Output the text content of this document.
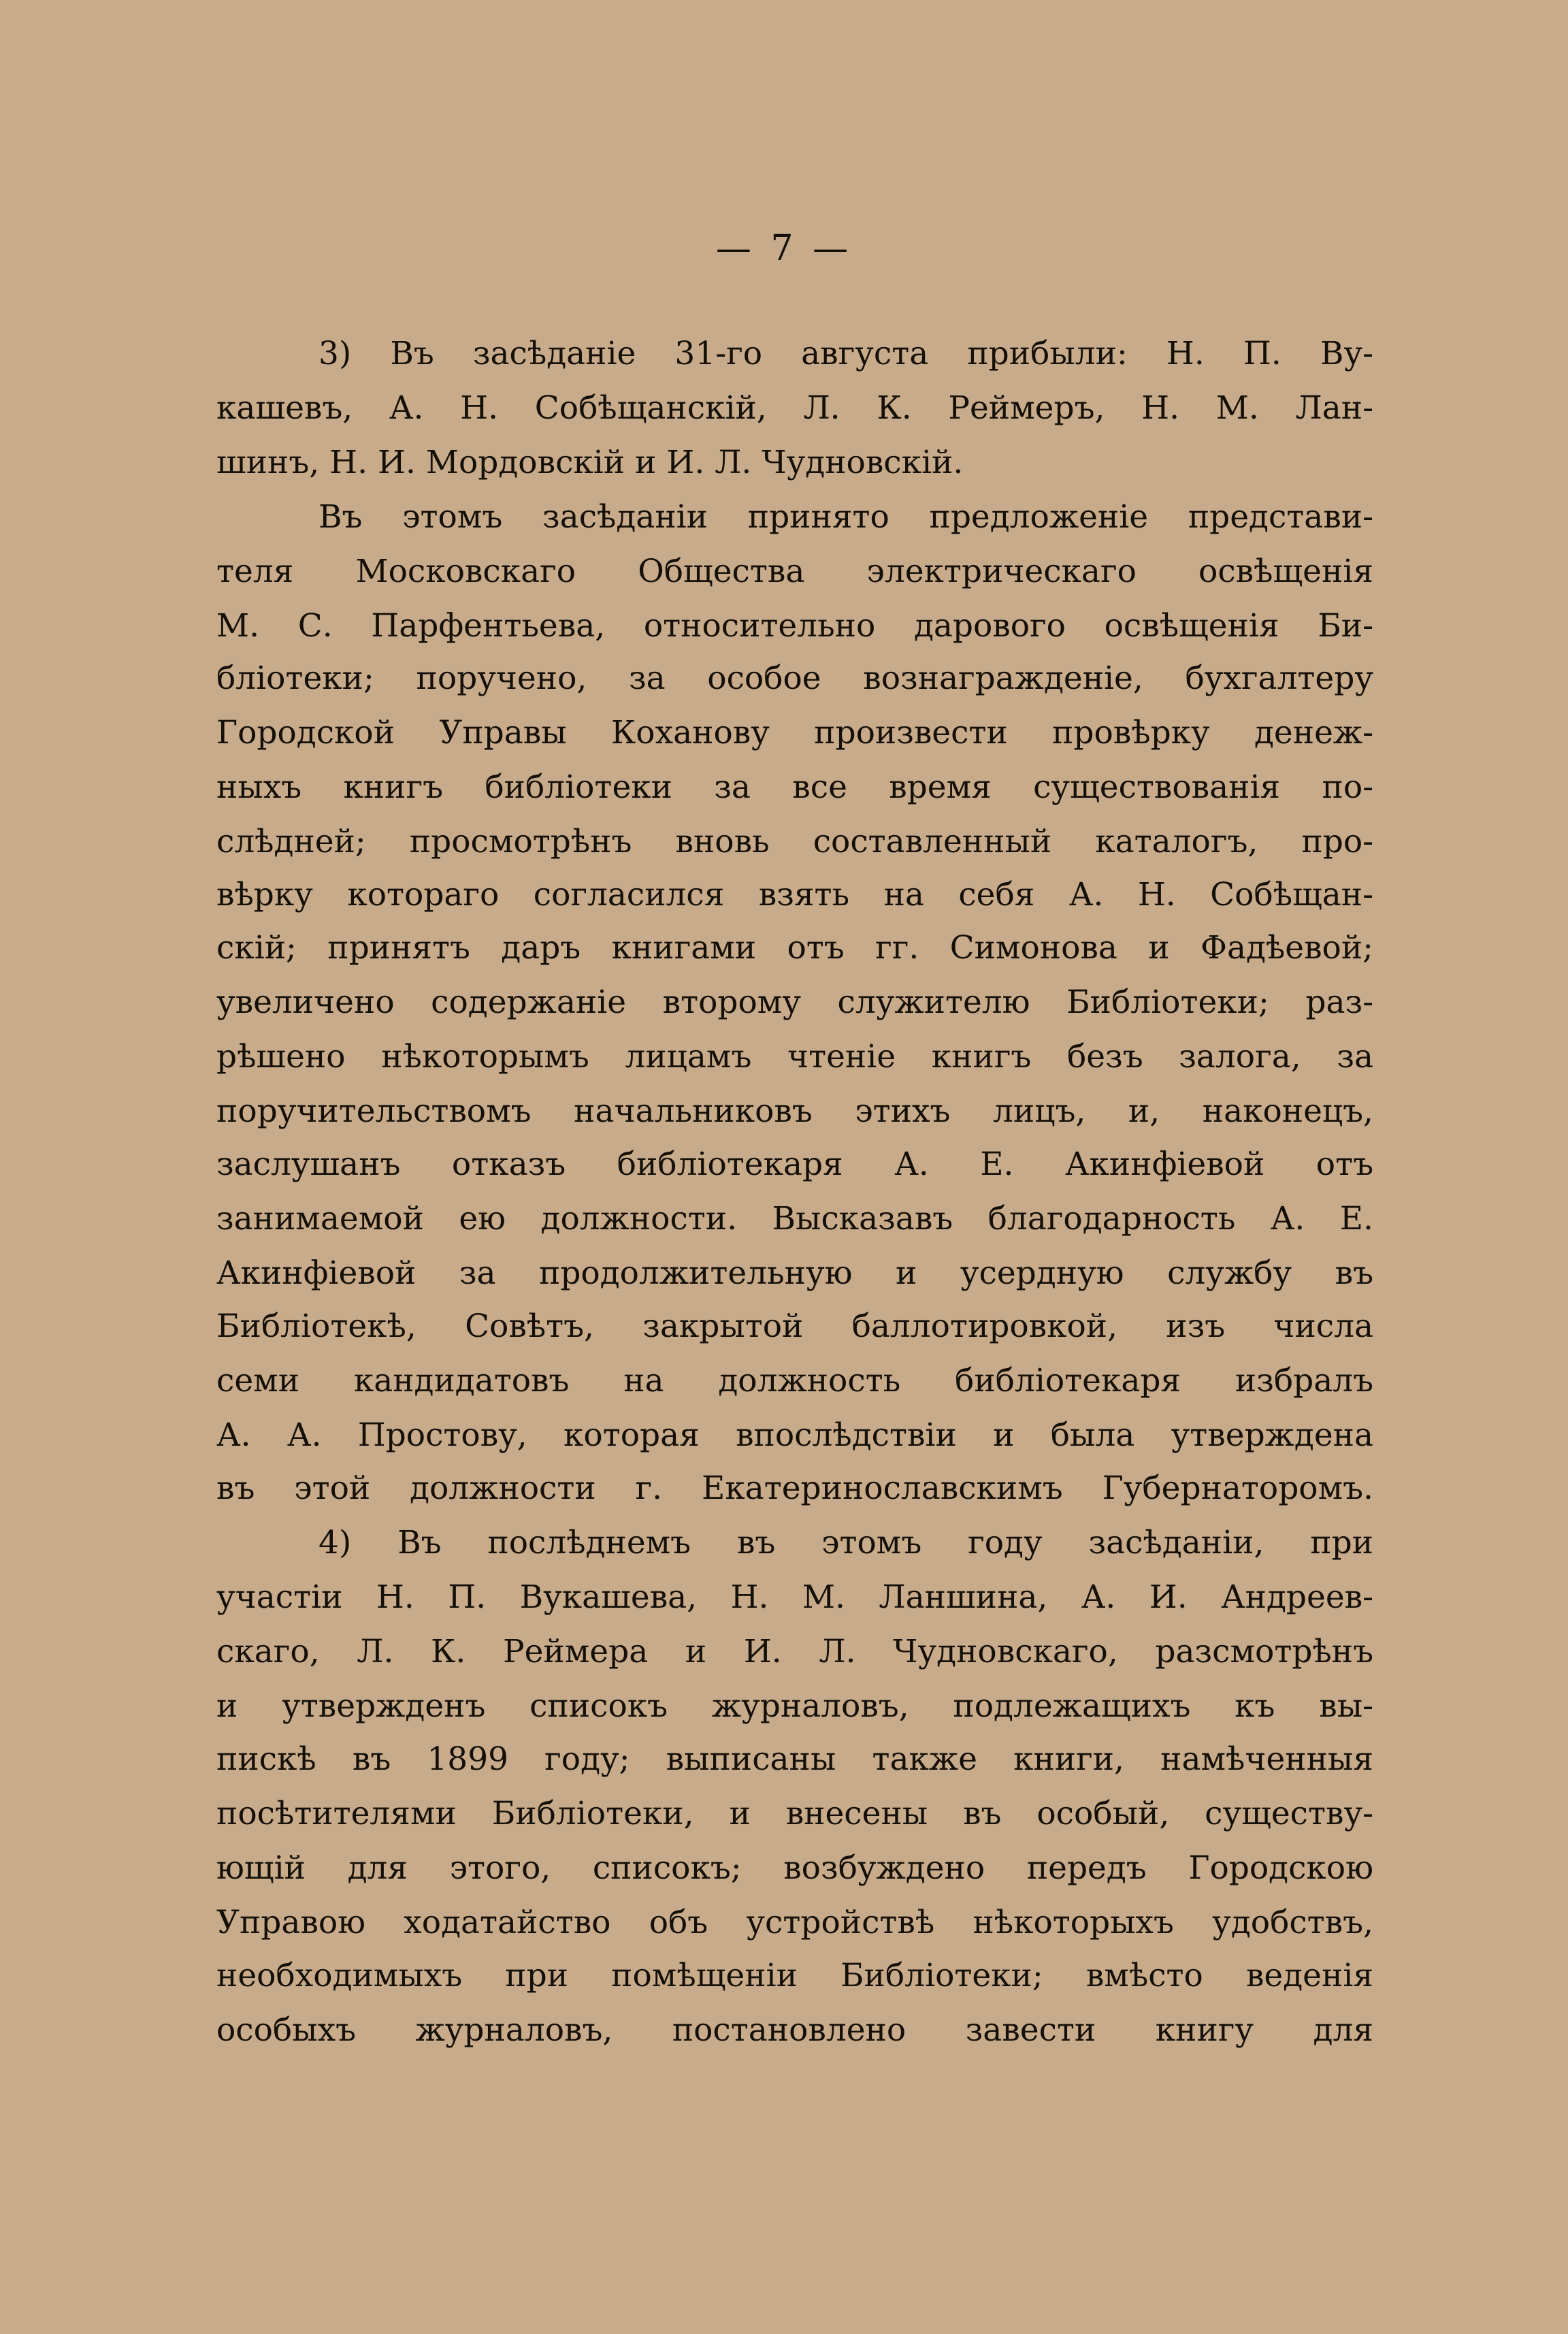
— 7 —
3) Въ засѣданіе 31-го августа прибыли: Н. П. Ву-
кашевъ, А. Н. Собѣщанскій, Л. К. Реймеръ, Н. М. Лан-
шинъ, Н. И. Мордовскій и И. Л. Чудновскій.
Въ этомъ засѣданіи принято предложеніе представи-
теля Московскаго Общества электрическаго освѣщенія
М. С. Парфентьева, относительно дарового освѣщенія Би-
бліотеки; поручено, за особое вознагражденіе, бухгалтеру
Городской Управы Коханову произвести провѣрку денеж-
ныхъ книгъ библіотеки за все время существованія по-
слѣдней; просмотрѣнъ вновь составленный каталогъ, про-
вѣрку котораго согласился взять на себя А. Н. Собѣщан-
скій; принятъ даръ книгами отъ гг. Симонова и Фадѣевой;
увеличено содержаніе второму служителю Библіотеки; раз-
рѣшено нѣкоторымъ лицамъ чтеніе книгъ безъ залога, за
поручительствомъ начальниковъ этихъ лицъ, и, наконецъ,
заслушанъ отказъ библіотекаря А. Е. Акинфіевой отъ
занимаемой ею должности. Высказавъ благодарность А. Е.
Акинфіевой за продолжительную и усердную службу въ
Библіотекѣ, Совѣтъ, закрытой баллотировкой, изъ числа
семи кандидатовъ на должность библіотекаря избралъ
А. А. Простову, которая впослѣдствіи и была утверждена
въ этой должности г. Екатеринославскимъ Губернаторомъ.
4) Въ послѣднемъ въ этомъ году засѣданіи, при
участіи Н. П. Вукашева, Н. М. Ланшина, А. И. Андреев-
скаго, Л. К. Реймера и И. Л. Чудновскаго, разсмотрѣнъ
и утвержденъ списокъ журналовъ, подлежащихъ къ вы-
пискѣ въ 1899 году; выписаны также книги, намѣченныя
посѣтителями Библіотеки, и внесены въ особый, существу-
ющій для этого, списокъ; возбуждено передъ Городскою
Управою ходатайство объ устройствѣ нѣкоторыхъ удобствъ,
необходимыхъ при помѣщеніи Библіотеки; вмѣсто веденія
особыхъ журналовъ, постановлено завести книгу для
